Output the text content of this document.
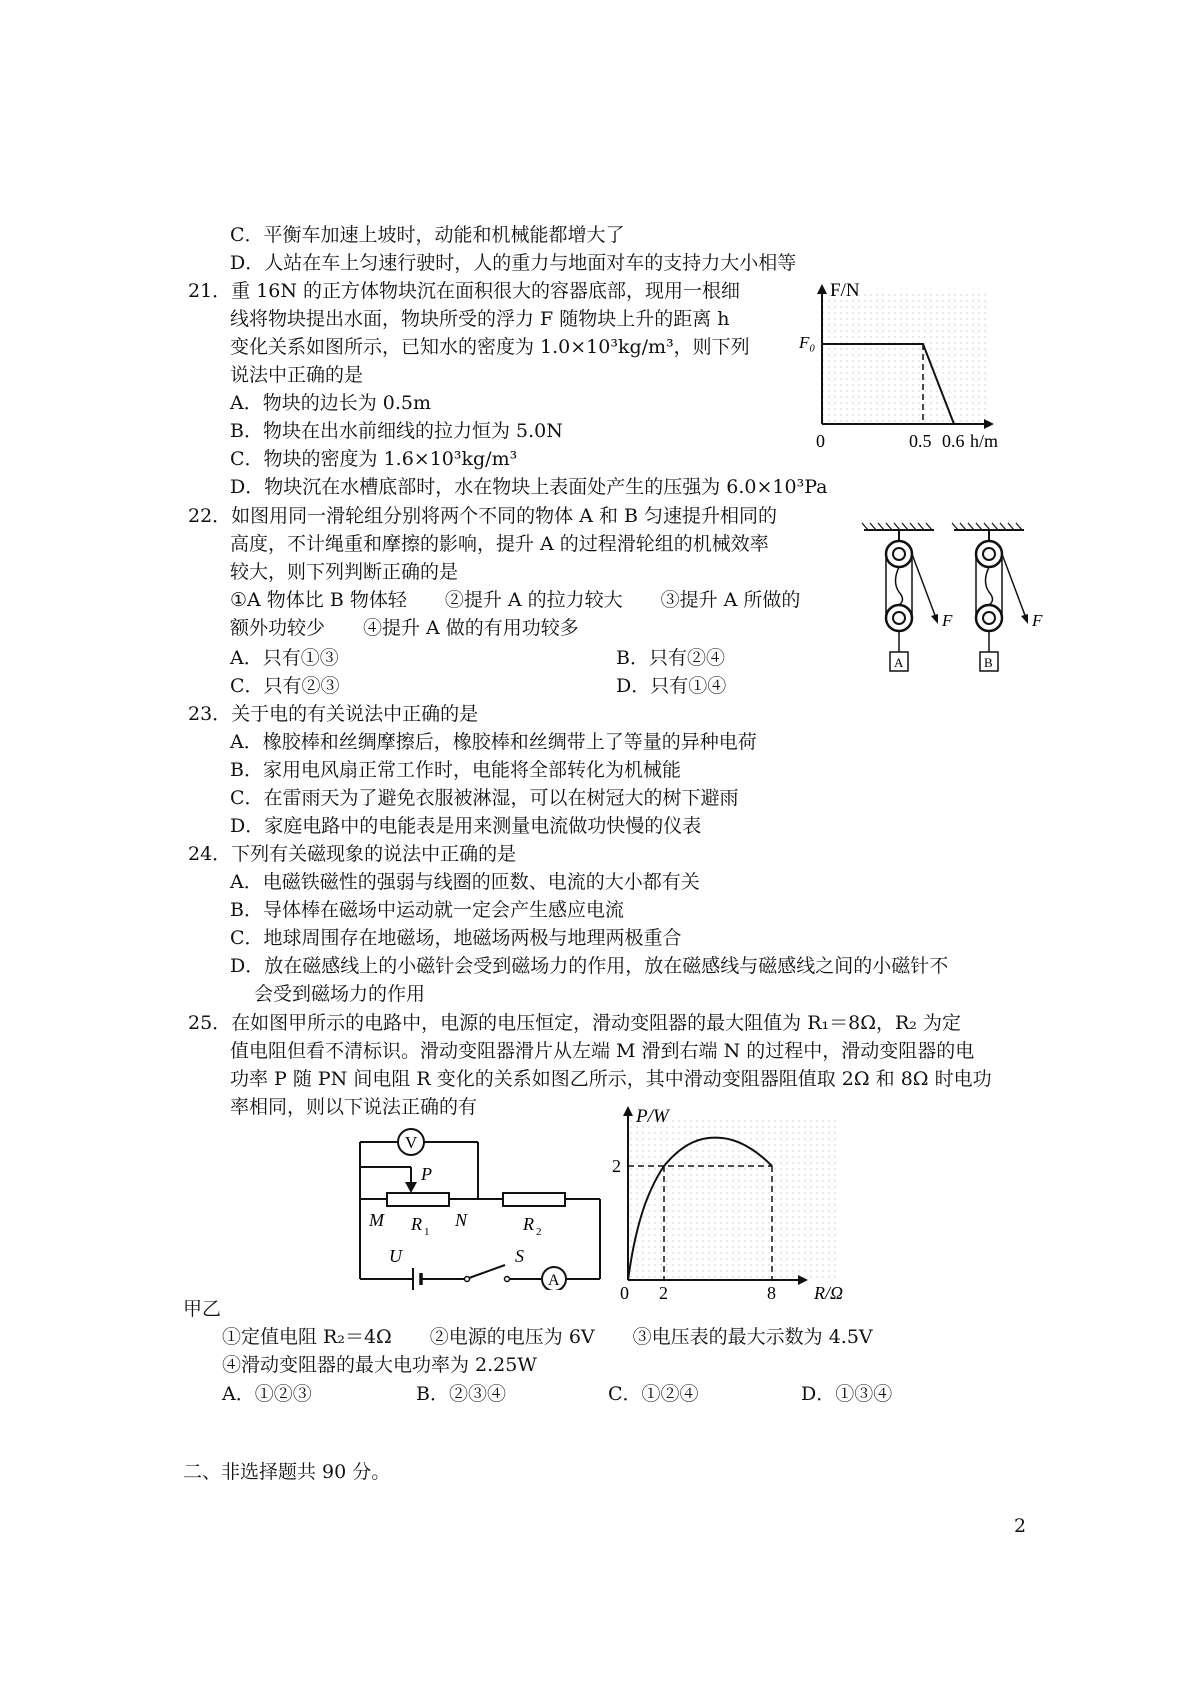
C．平衡车加速上坡时，动能和机械能都增大了
D．人站在车上匀速行驶时，人的重力与地面对车的支持力大小相等
21．重 16N 的正方体物块沉在面积很大的容器底部，现用一根细
线将物块提出水面，物块所受的浮力 F 随物块上升的距离 h
变化关系如图所示，已知水的密度为 1.0×10³kg/m³，则下列
说法中正确的是
A．物块的边长为 0.5m
B．物块在出水前细线的拉力恒为 5.0N
C．物块的密度为 1.6×10³kg/m³
D．物块沉在水槽底部时，水在物块上表面处产生的压强为 6.0×10³Pa
F/N
F₀
0	0.5 0.6 h/m
22．如图用同一滑轮组分别将两个不同的物体 A 和 B 匀速提升相同的
高度，不计绳重和摩擦的影响，提升 A 的过程滑轮组的机械效率
较大，则下列判断正确的是
①A 物体比 B 物体轻　　②提升 A 的拉力较大　　③提升 A 所做的
额外功较少　　④提升 A 做的有用功较多
A．只有①③	B．只有②④
C．只有②③	D．只有①④
F
A
F
B
23．关于电的有关说法中正确的是
A．橡胶棒和丝绸摩擦后，橡胶棒和丝绸带上了等量的异种电荷
B．家用电风扇正常工作时，电能将全部转化为机械能
C．在雷雨天为了避免衣服被淋湿，可以在树冠大的树下避雨
D．家庭电路中的电能表是用来测量电流做功快慢的仪表
24．下列有关磁现象的说法中正确的是
A．电磁铁磁性的强弱与线圈的匝数、电流的大小都有关
B．导体棒在磁场中运动就一定会产生感应电流
C．地球周围存在地磁场，地磁场两极与地理两极重合
D．放在磁感线上的小磁针会受到磁场力的作用，放在磁感线与磁感线之间的小磁针不
会受到磁场力的作用
25．在如图甲所示的电路中，电源的电压恒定，滑动变阻器的最大阻值为 R₁＝8Ω，R₂ 为定
值电阻但看不清标识。滑动变阻器滑片从左端 M 滑到右端 N 的过程中，滑动变阻器的电
功率 P 随 PN 间电阻 R 变化的关系如图乙所示，其中滑动变阻器阻值取 2Ω 和 8Ω 时电功
率相同，则以下说法正确的有
V
P
M	N
R 1	R 2
U	S
A
P/W
2
0 2	8 R/Ω
甲乙
①定值电阻 R₂＝4Ω　　②电源的电压为 6V　　③电压表的最大示数为 4.5V
④滑动变阻器的最大电功率为 2.25W
A．①②③	B．②③④	C．①②④	D．①③④
二、非选择题共 90 分。
2
